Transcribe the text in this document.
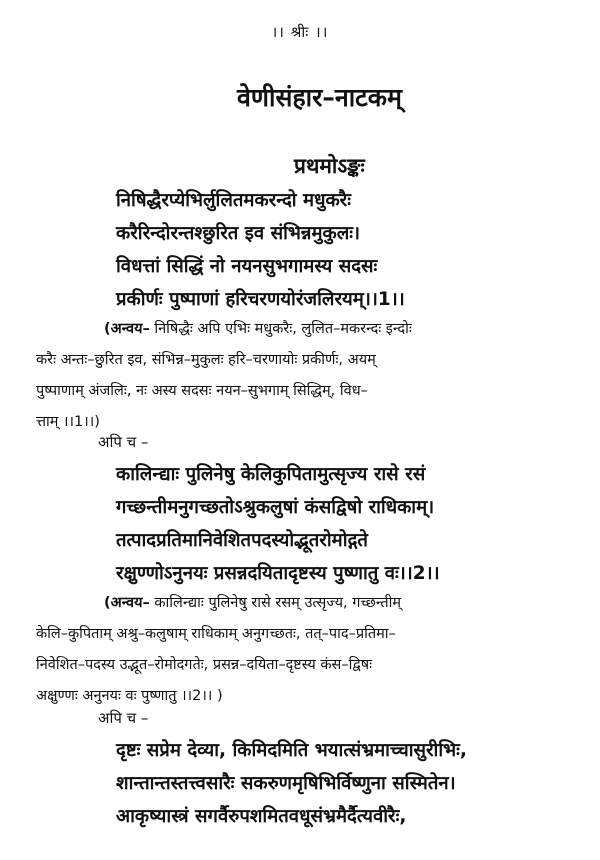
।। श्रीः ।।
वेणीसंहार–नाटकम्
प्रथमोऽङ्कः
निषिद्धैरप्येभिर्लुलितमकरन्दो मधुकरैः
करैरिन्दोरन्तश्छुरित इव संभिन्नमुकुलः।
विधत्तां सिद्धिं नो नयनसुभगामस्य सदसः
प्रकीर्णः पुष्पाणां हरिचरणयोरंजलिरयम्।।1।।
(अन्वय– निषिद्धैः अपि एभिः मधुकरैः, लुलित–मकरन्दः इन्दोः
करैः अन्तः–छुरित इव, संभिन्न–मुकुलः हरि–चरणायोः प्रकीर्णः, अयम्
पुष्पाणाम् अंजलिः, नः अस्य सदसः नयन–सुभगाम् सिद्धिम्, विध–
त्ताम् ।।1।।)
अपि च –
कालिन्द्याः पुलिनेषु केलिकुपितामुत्सृज्य रासे रसं
गच्छन्तीमनुगच्छतोऽश्रुकलुषां कंसद्विषो राधिकाम्।
तत्पादप्रतिमानिवेशितपदस्योद्भूतरोमोद्गते
रक्षुण्णोऽनुनयः प्रसन्नदयितादृष्टस्य पुष्णातु वः।।2।।
(अन्वय– कालिन्द्याः पुलिनेषु रासे रसम् उत्सृज्य, गच्छन्तीम्
केलि–कुपिताम् अश्रु–कलुषाम् राधिकाम् अनुगच्छतः, तत्–पाद–प्रतिमा–
निवेशित–पदस्य उद्भूत–रोमोदगतेः, प्रसन्न–दयिता–दृष्टस्य कंस–द्विषः
अक्षुण्णः अनुनयः वः पुष्णातु ।।2।। )
अपि च –
दृष्टः सप्रेम देव्या, किमिदमिति भयात्संभ्रमाच्चासुरीभिः,
शान्तान्तस्तत्त्वसारैः सकरुणमृषिभिर्विष्णुना सस्मितेन।
आकृष्यास्त्रं सगर्वैरुपशमितवधूसंभ्रमैर्दैत्यवीरैः,
